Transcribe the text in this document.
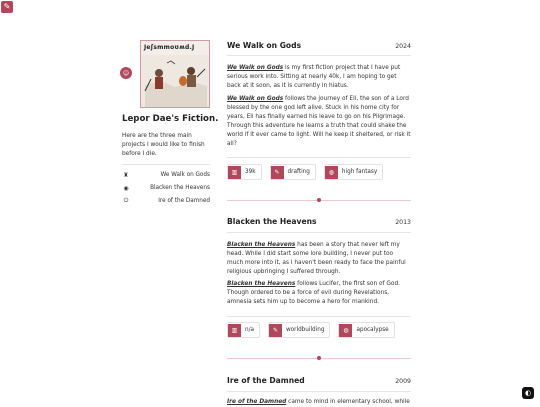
✎
☺
Jeʃsmmoʊʍd.J
Lepor Dae's Fiction.
Here are the three main projects I would like to finish before I die.
♜	We Walk on Gods
◉	Blacken the Heavens
⏻	Ire of the Damned
We Walk on Gods	2024
We Walk on Gods is my first fiction project that I have put serious work into. Sitting at nearly 40k, I am hoping to get back at it soon, as it is currently in hiatus.
We Walk on Gods follows the journey of Eli, the son of a Lord blessed by the one god left alive. Stuck in his home city for years, Eli has finally earned his leave to go on his Pilgrimage. Through this adventure he learns a truth that could shake the world if it ever came to light. Will he keep it sheltered, or risk it all?
▥	39k	✎	drafting	◍	high fantasy
Blacken the Heavens	2013
Blacken the Heavens has been a story that never left my head. While I did start some lore building, I never put too much more into it, as I haven't been ready to face the painful religious upbringing I suffered through.
Blacken the Heavens follows Lucifer, the first son of God. Though ordered to be a force of evil during Revelations, amnesia sets him up to become a hero for mankind.
▥	n/a	✎	worldbuilding	◍	apocalypse
Ire of the Damned	2009
Ire of the Damned came to mind in elementary school, while
◐
